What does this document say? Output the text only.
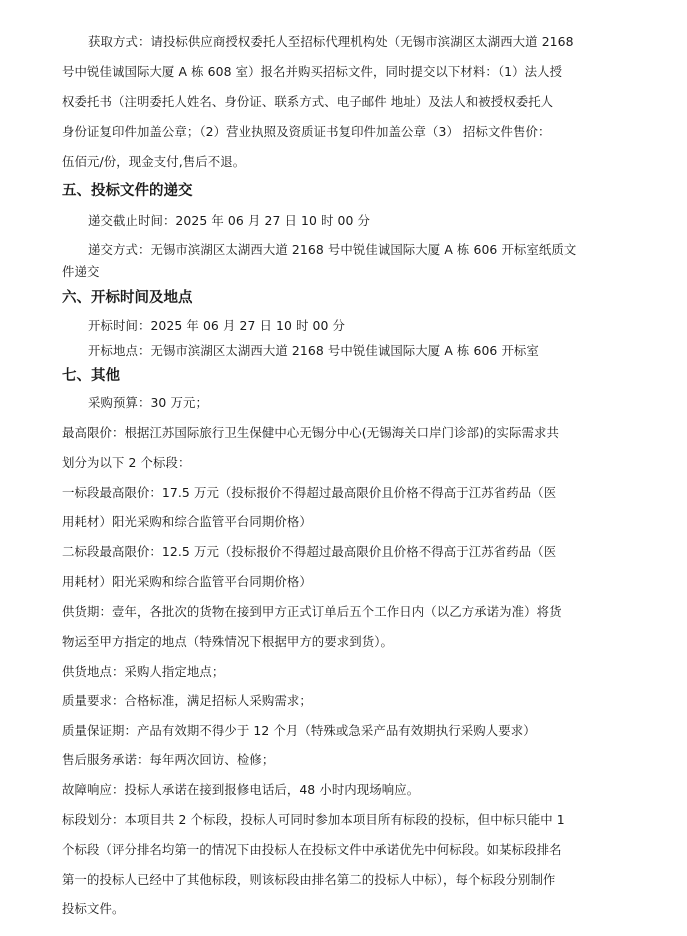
获取方式：请投标供应商授权委托人至招标代理机构处（无锡市滨湖区太湖西大道 2168
号中锐佳诚国际大厦 A 栋 608 室）报名并购买招标文件，同时提交以下材料：（1）法人授
权委托书（注明委托人姓名、身份证、联系方式、电子邮件 地址）及法人和被授权委托人
身份证复印件加盖公章；（2）营业执照及资质证书复印件加盖公章（3） 招标文件售价：
伍佰元/份，现金支付,售后不退。
五、投标文件的递交
递交截止时间：2025 年 06 月 27 日 10 时 00 分
递交方式：无锡市滨湖区太湖西大道 2168 号中锐佳诚国际大厦 A 栋 606 开标室纸质文
件递交
六、开标时间及地点
开标时间：2025 年 06 月 27 日 10 时 00 分
开标地点：无锡市滨湖区太湖西大道 2168 号中锐佳诚国际大厦 A 栋 606 开标室
七、其他
采购预算：30 万元；
最高限价：根据江苏国际旅行卫生保健中心无锡分中心(无锡海关口岸门诊部)的实际需求共
划分为以下 2 个标段：
一标段最高限价：17.5 万元（投标报价不得超过最高限价且价格不得高于江苏省药品（医
用耗材）阳光采购和综合监管平台同期价格）
二标段最高限价：12.5 万元（投标报价不得超过最高限价且价格不得高于江苏省药品（医
用耗材）阳光采购和综合监管平台同期价格）
供货期：壹年，各批次的货物在接到甲方正式订单后五个工作日内（以乙方承诺为准）将货
物运至甲方指定的地点（特殊情况下根据甲方的要求到货）。
供货地点：采购人指定地点；
质量要求：合格标准，满足招标人采购需求；
质量保证期：产品有效期不得少于 12 个月（特殊或急采产品有效期执行采购人要求）
售后服务承诺：每年两次回访、检修；
故障响应：投标人承诺在接到报修电话后，48 小时内现场响应。
标段划分：本项目共 2 个标段，投标人可同时参加本项目所有标段的投标，但中标只能中 1
个标段（评分排名均第一的情况下由投标人在投标文件中承诺优先中何标段。如某标段排名
第一的投标人已经中了其他标段，则该标段由排名第二的投标人中标），每个标段分别制作
投标文件。
